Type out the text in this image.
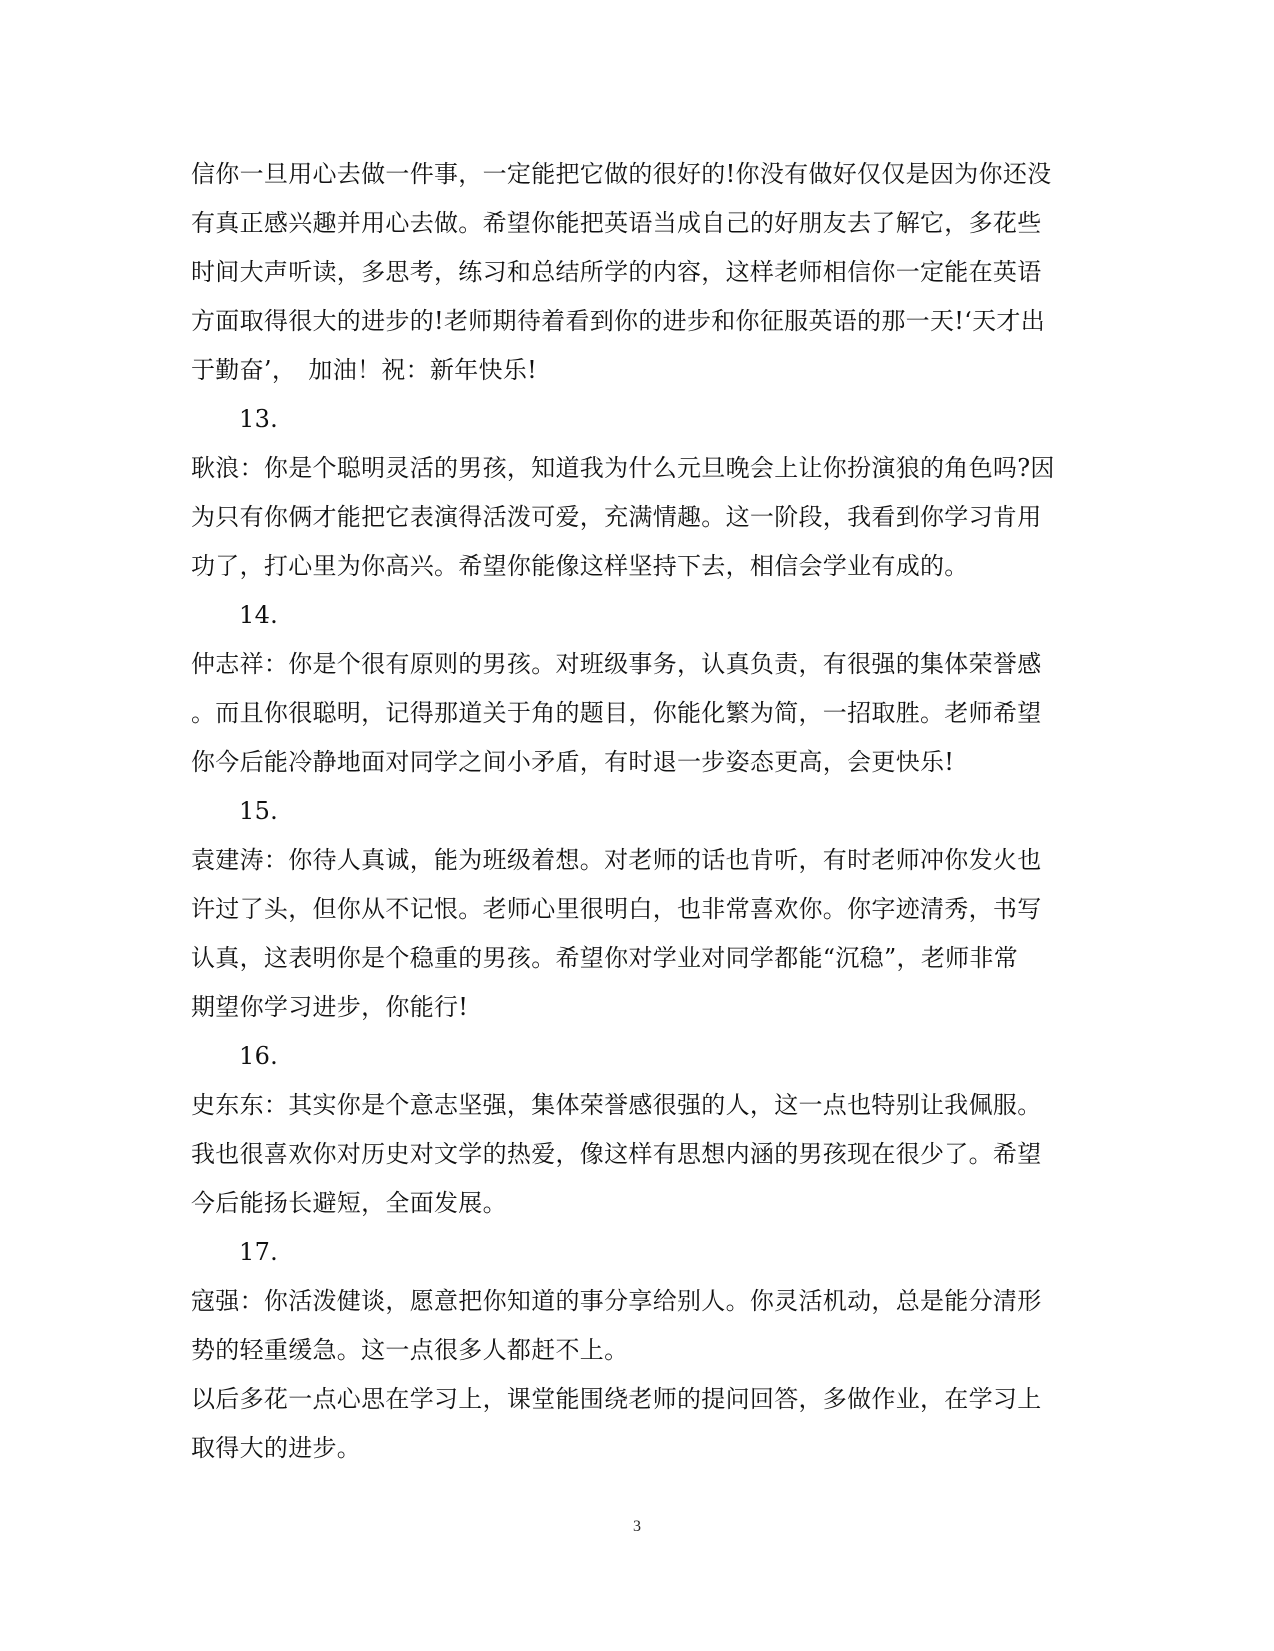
信你一旦用心去做一件事，一定能把它做的很好的!你没有做好仅仅是因为你还没
有真正感兴趣并用心去做。希望你能把英语当成自己的好朋友去了解它，多花些
时间大声听读，多思考，练习和总结所学的内容，这样老师相信你一定能在英语
方面取得很大的进步的!老师期待着看到你的进步和你征服英语的那一天!‘天才出
于勤奋’，　加油！祝：新年快乐!
13.
耿浪：你是个聪明灵活的男孩，知道我为什么元旦晚会上让你扮演狼的角色吗?因
为只有你俩才能把它表演得活泼可爱，充满情趣。这一阶段，我看到你学习肯用
功了，打心里为你高兴。希望你能像这样坚持下去，相信会学业有成的。
14.
仲志祥：你是个很有原则的男孩。对班级事务，认真负责，有很强的集体荣誉感
。而且你很聪明，记得那道关于角的题目，你能化繁为简，一招取胜。老师希望
你今后能冷静地面对同学之间小矛盾，有时退一步姿态更高，会更快乐!
15.
袁建涛：你待人真诚，能为班级着想。对老师的话也肯听，有时老师冲你发火也
许过了头，但你从不记恨。老师心里很明白，也非常喜欢你。你字迹清秀，书写
认真，这表明你是个稳重的男孩。希望你对学业对同学都能“沉稳”，老师非常
期望你学习进步，你能行!
16.
史东东：其实你是个意志坚强，集体荣誉感很强的人，这一点也特别让我佩服。
我也很喜欢你对历史对文学的热爱，像这样有思想内涵的男孩现在很少了。希望
今后能扬长避短，全面发展。
17.
寇强：你活泼健谈，愿意把你知道的事分享给别人。你灵活机动，总是能分清形
势的轻重缓急。这一点很多人都赶不上。
以后多花一点心思在学习上，课堂能围绕老师的提问回答，多做作业，在学习上
取得大的进步。
3
